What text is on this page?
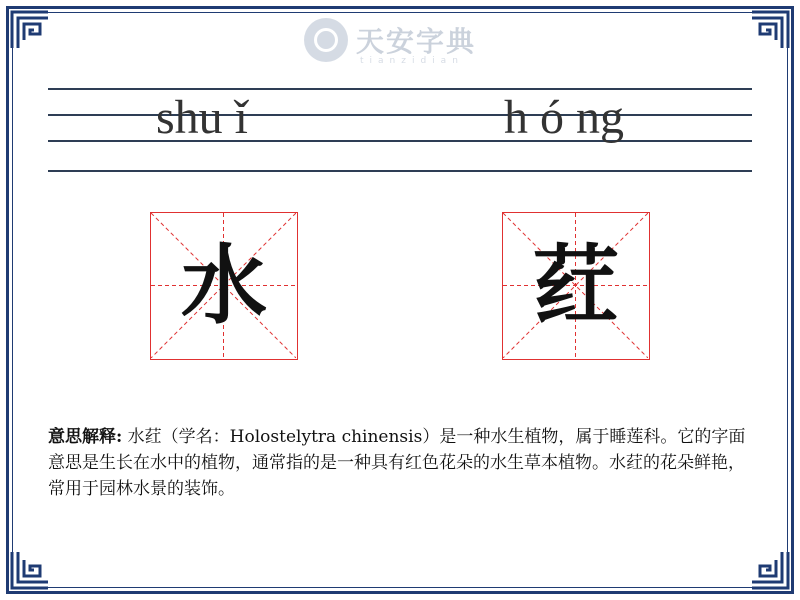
天安字典
tianzidian
shu ǐ	h ó ng
水	荭
意思解释: 水荭（学名：Holostelytra chinensis）是一种水生植物，属于睡莲科。它的字面意思是生长在水中的植物，通常指的是一种具有红色花朵的水生草本植物。水荭的花朵鲜艳，常用于园林水景的装饰。
